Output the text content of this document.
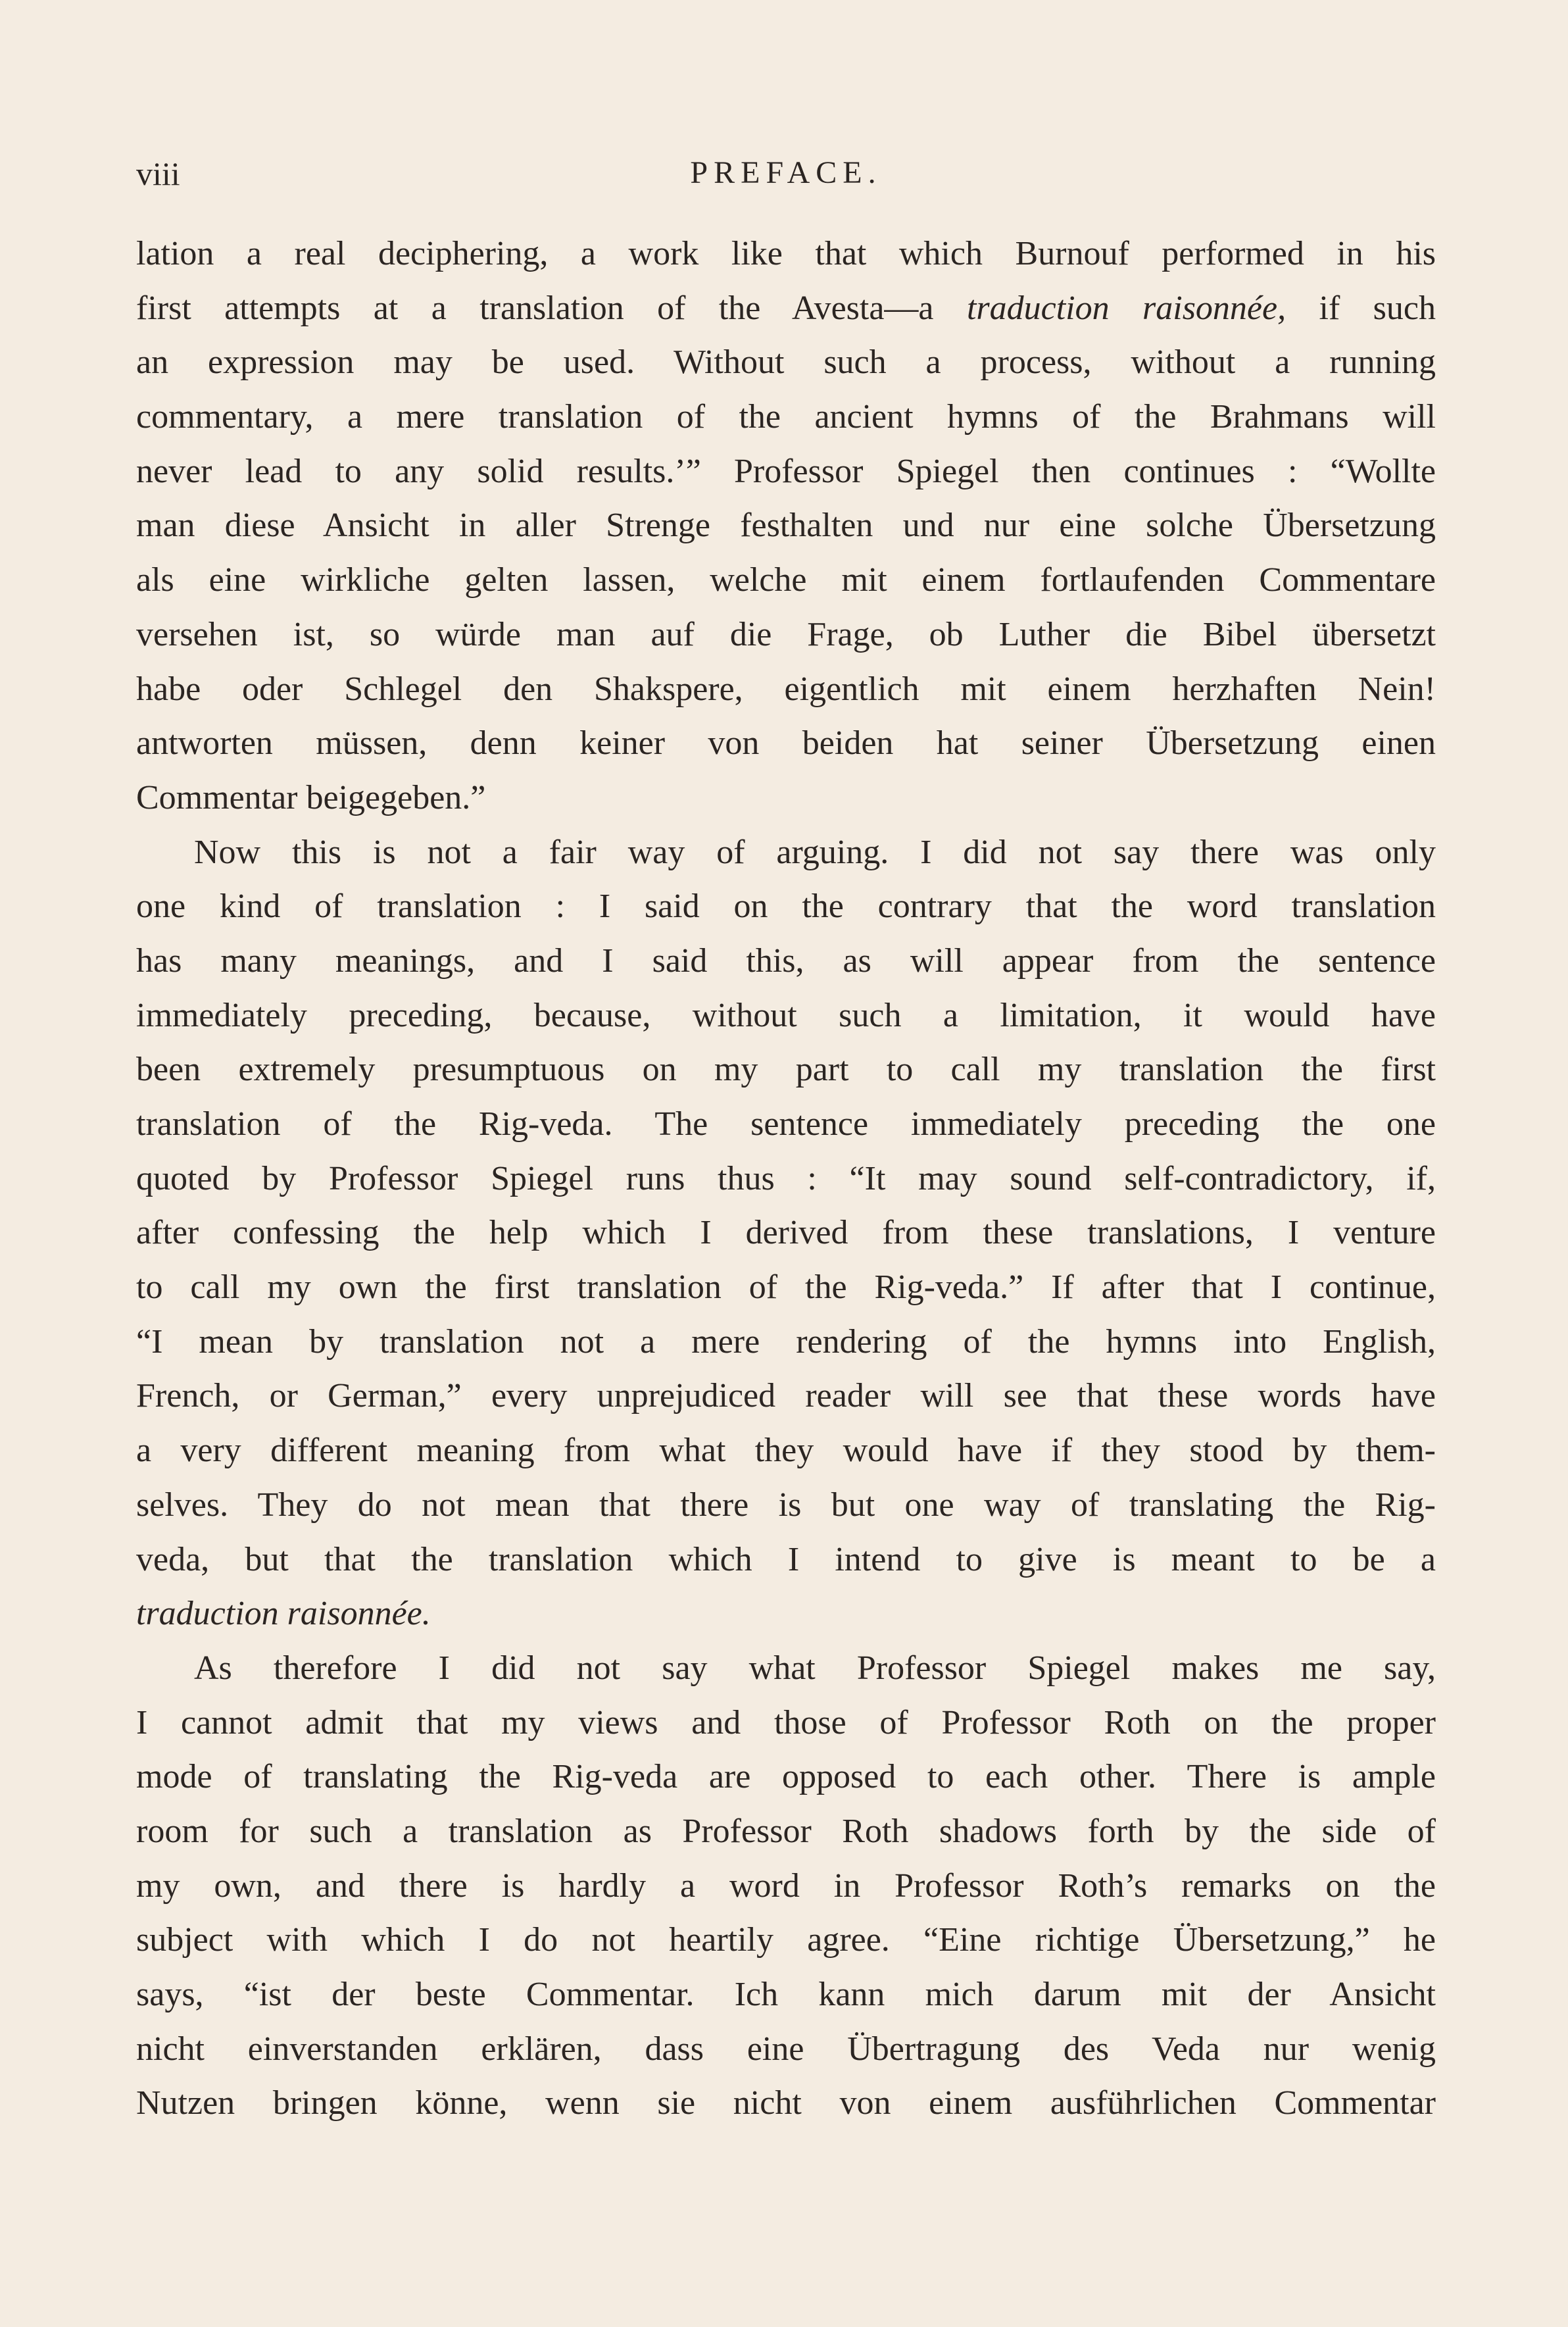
viii	PREFACE.
lation a real deciphering, a work like that which Burnouf performed in his
first attempts at a translation of the Avesta—a traduction raisonnée, if such
an expression may be used. Without such a process, without a running
commentary, a mere translation of the ancient hymns of the Brahmans will
never lead to any solid results.’” Professor Spiegel then continues : “Wollte
man diese Ansicht in aller Strenge festhalten und nur eine solche Übersetzung
als eine wirkliche gelten lassen, welche mit einem fortlaufenden Commentare
versehen ist, so würde man auf die Frage, ob Luther die Bibel übersetzt
habe oder Schlegel den Shakspere, eigentlich mit einem herzhaften Nein!
antworten müssen, denn keiner von beiden hat seiner Übersetzung einen
Commentar beigegeben.”
Now this is not a fair way of arguing. I did not say there was only
one kind of translation : I said on the contrary that the word translation
has many meanings, and I said this, as will appear from the sentence
immediately preceding, because, without such a limitation, it would have
been extremely presumptuous on my part to call my translation the first
translation of the Rig-veda. The sentence immediately preceding the one
quoted by Professor Spiegel runs thus : “It may sound self-contradictory, if,
after confessing the help which I derived from these translations, I venture
to call my own the first translation of the Rig-veda.” If after that I continue,
“I mean by translation not a mere rendering of the hymns into English,
French, or German,” every unprejudiced reader will see that these words have
a very different meaning from what they would have if they stood by them-
selves. They do not mean that there is but one way of translating the Rig-
veda, but that the translation which I intend to give is meant to be a
traduction raisonnée.
As therefore I did not say what Professor Spiegel makes me say,
I cannot admit that my views and those of Professor Roth on the proper
mode of translating the Rig-veda are opposed to each other. There is ample
room for such a translation as Professor Roth shadows forth by the side of
my own, and there is hardly a word in Professor Roth’s remarks on the
subject with which I do not heartily agree. “Eine richtige Übersetzung,” he
says, “ist der beste Commentar. Ich kann mich darum mit der Ansicht
nicht einverstanden erklären, dass eine Übertragung des Veda nur wenig
Nutzen bringen könne, wenn sie nicht von einem ausführlichen Commentar
